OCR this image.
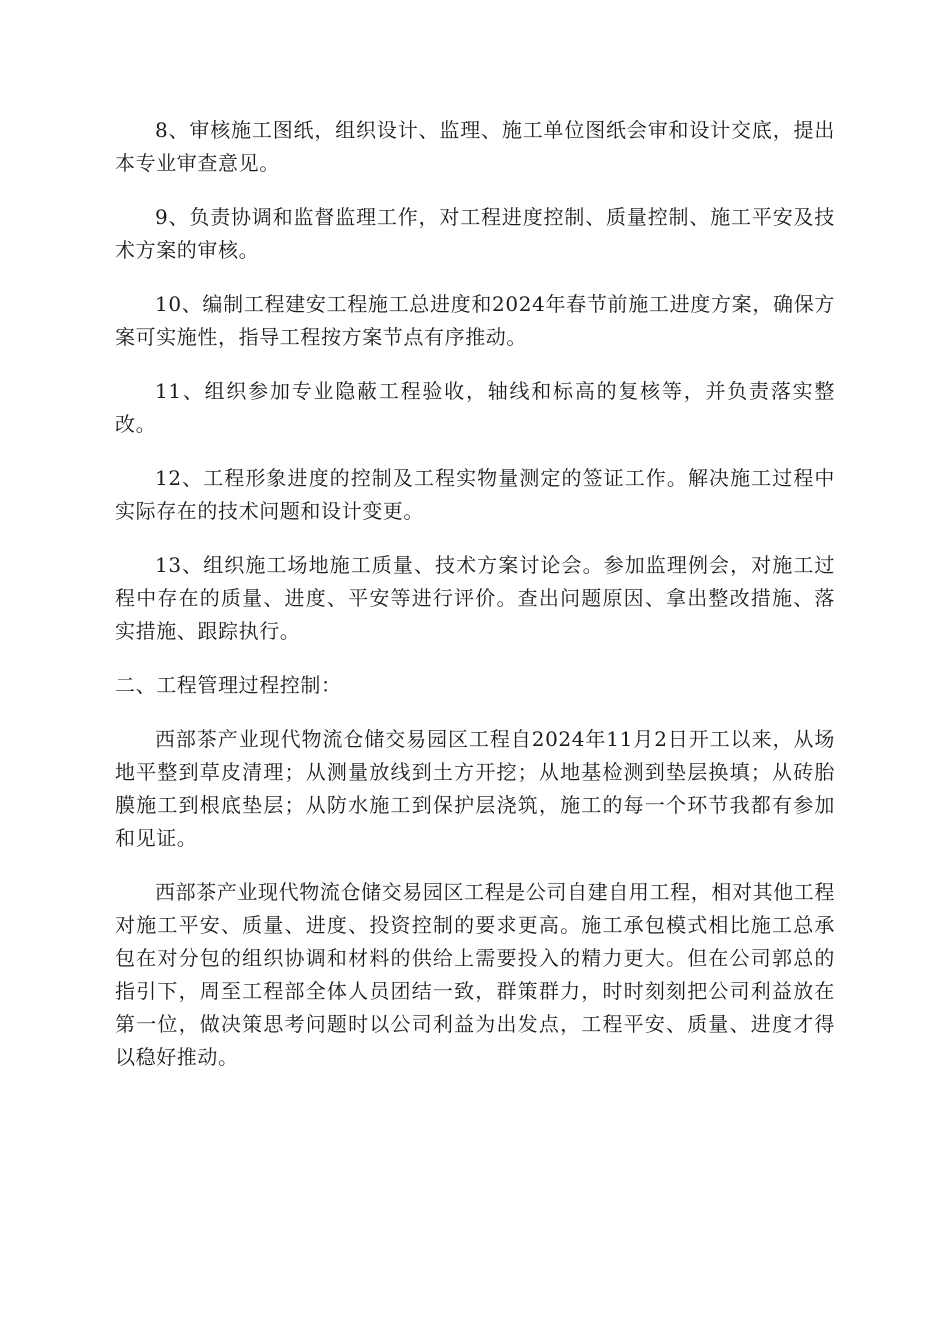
8、审核施工图纸，组织设计、监理、施工单位图纸会审和设计交底，提出本专业审查意见。

9、负责协调和监督监理工作，对工程进度控制、质量控制、施工平安及技术方案的审核。

10、编制工程建安工程施工总进度和2024年春节前施工进度方案，确保方案可实施性，指导工程按方案节点有序推动。

11、组织参加专业隐蔽工程验收，轴线和标高的复核等，并负责落实整改。

12、工程形象进度的控制及工程实物量测定的签证工作。解决施工过程中实际存在的技术问题和设计变更。

13、组织施工场地施工质量、技术方案讨论会。参加监理例会，对施工过程中存在的质量、进度、平安等进行评价。查出问题原因、拿出整改措施、落实措施、跟踪执行。

二、工程管理过程控制：

西部茶产业现代物流仓储交易园区工程自2024年11月2日开工以来，从场地平整到草皮清理；从测量放线到土方开挖；从地基检测到垫层换填；从砖胎膜施工到根底垫层；从防水施工到保护层浇筑，施工的每一个环节我都有参加和见证。

西部茶产业现代物流仓储交易园区工程是公司自建自用工程，相对其他工程对施工平安、质量、进度、投资控制的要求更高。施工承包模式相比施工总承包在对分包的组织协调和材料的供给上需要投入的精力更大。但在公司郭总的指引下，周至工程部全体人员团结一致，群策群力，时时刻刻把公司利益放在第一位，做决策思考问题时以公司利益为出发点，工程平安、质量、进度才得以稳好推动。
